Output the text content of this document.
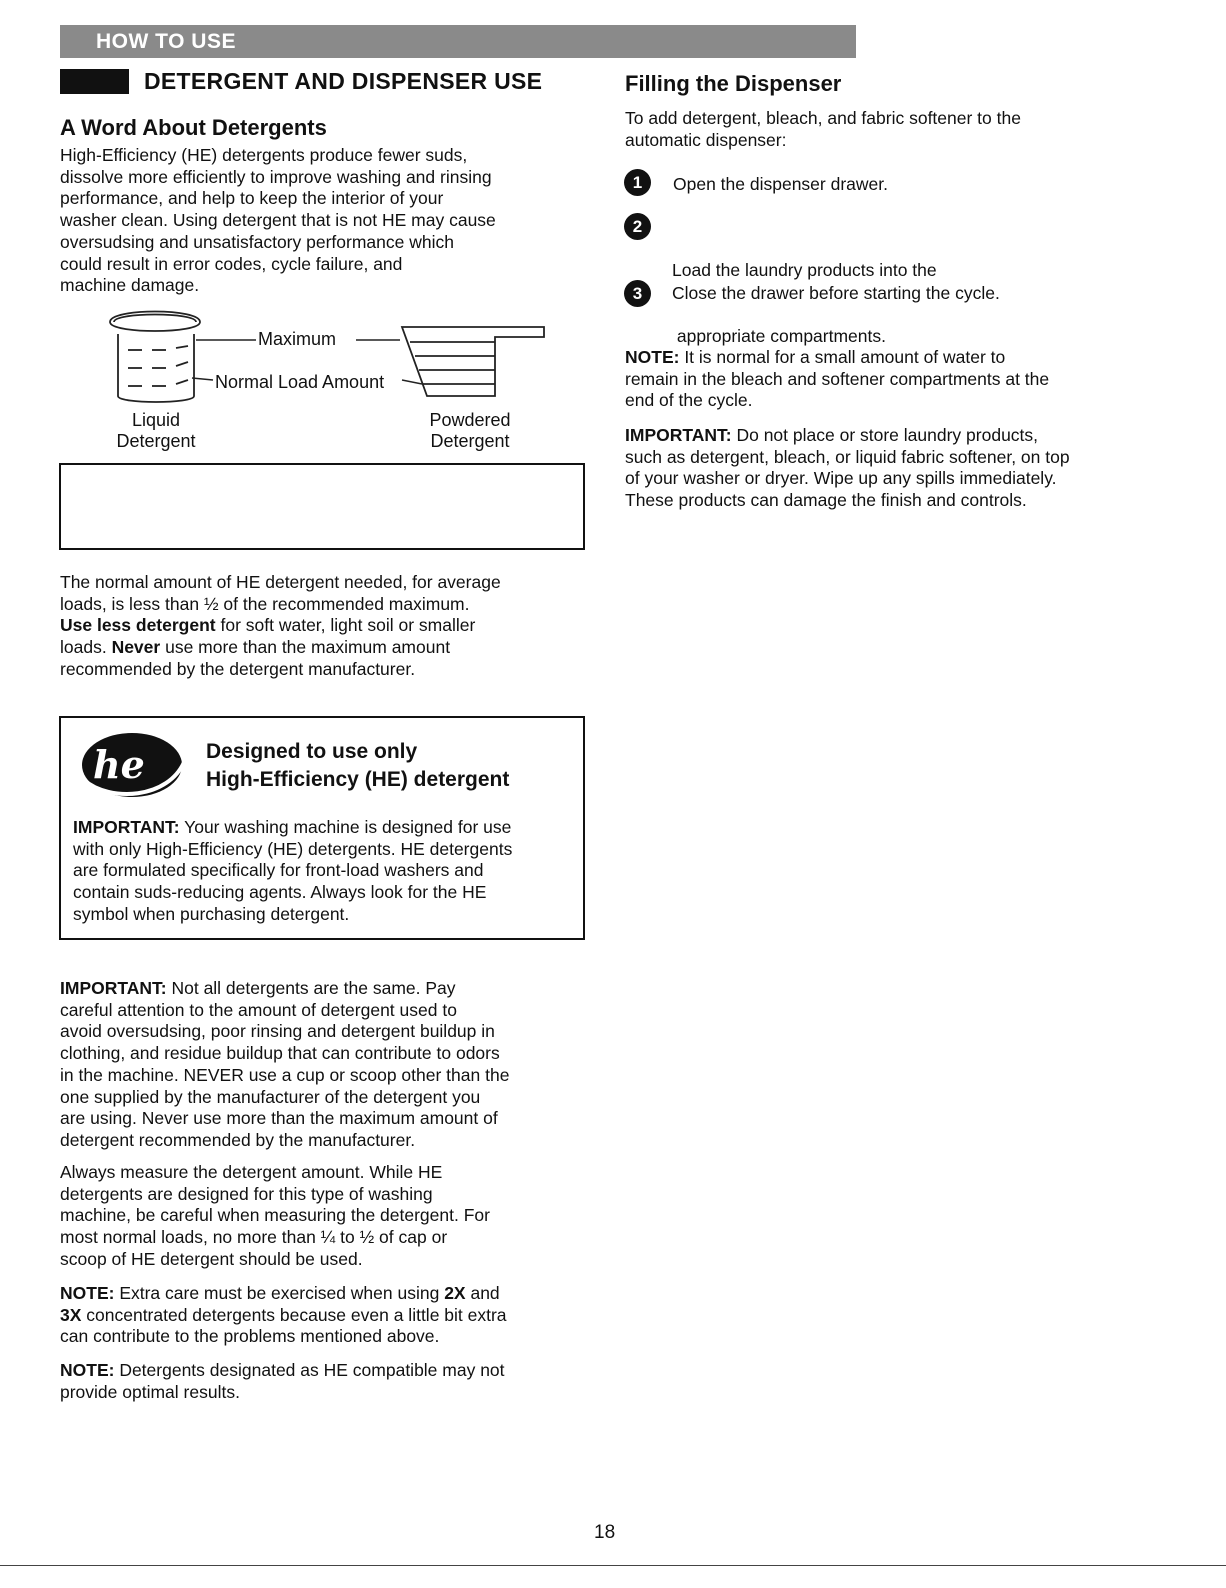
HOW TO USE
DETERGENT AND DISPENSER USE
A Word About Detergents
High-Efficiency (HE) detergents produce fewer suds,
dissolve more efficiently to improve washing and rinsing
performance, and help to keep the interior of your
washer clean. Using detergent that is not HE may cause
oversudsing and unsatisfactory performance which
could result in error codes, cycle failure, and
machine damage.
Maximum
Normal Load Amount
Liquid
Detergent
Powdered
Detergent
The normal amount of HE detergent needed, for average
loads, is less than ½ of the recommended maximum.
Use less detergent for soft water, light soil or smaller
loads. Never use more than the maximum amount
recommended by the detergent manufacturer.
he	Designed to use only
High-Efficiency (HE) detergent
IMPORTANT: Your washing machine is designed for use
with only High-Efficiency (HE) detergents. HE detergents
are formulated specifically for front-load washers and
contain suds-reducing agents. Always look for the HE
symbol when purchasing detergent.
IMPORTANT: Not all detergents are the same. Pay
careful attention to the amount of detergent used to
avoid oversudsing, poor rinsing and detergent buildup in
clothing, and residue buildup that can contribute to odors
in the machine. NEVER use a cup or scoop other than the
one supplied by the manufacturer of the detergent you
are using. Never use more than the maximum amount of
detergent recommended by the manufacturer.
Always measure the detergent amount. While HE
detergents are designed for this type of washing
machine, be careful when measuring the detergent. For
most normal loads, no more than ¼ to ½ of cap or
scoop of HE detergent should be used.
NOTE: Extra care must be exercised when using 2X and
3X concentrated detergents because even a little bit extra
can contribute to the problems mentioned above.
NOTE: Detergents designated as HE compatible may not
provide optimal results.
Filling the Dispenser
To add detergent, bleach, and fabric softener to the
automatic dispenser:
1	Open the dispenser drawer.
2

Load the laundry products into the

appropriate compartments.

3	Close the drawer before starting the cycle.
NOTE: It is normal for a small amount of water to
remain in the bleach and softener compartments at the
end of the cycle.
IMPORTANT: Do not place or store laundry products,
such as detergent, bleach, or liquid fabric softener, on top
of your washer or dryer. Wipe up any spills immediately.
These products can damage the finish and controls.
18
